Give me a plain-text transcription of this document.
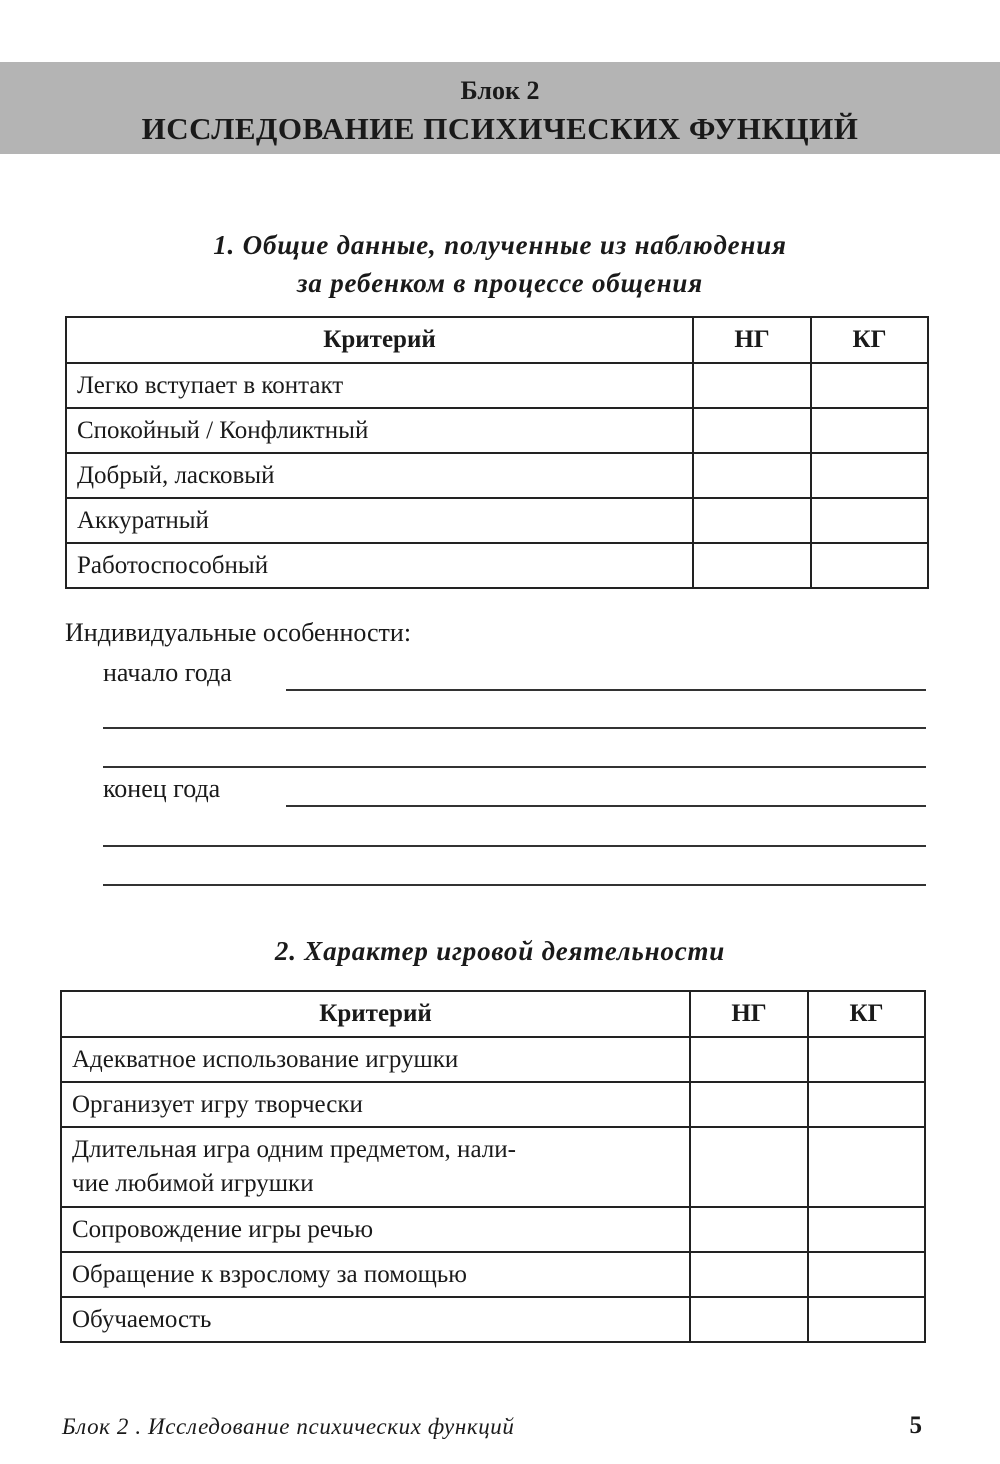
Блок 2
ИССЛЕДОВАНИЕ ПСИХИЧЕСКИХ ФУНКЦИЙ
1. Общие данные, полученные из наблюдения
за ребенком в процессе общения
Критерий	НГ	КГ
Легко вступает в контакт		
Спокойный / Конфликтный		
Добрый, ласковый		
Аккуратный		
Работоспособный		
Индивидуальные особенности:
начало года
конец года
2. Характер игровой деятельности
Критерий	НГ	КГ
Адекватное использование игрушки		
Организует игру творчески		

Длительная игра одним предметом, нали-
чие любимой игрушки		

Сопровождение игры речью		
Обращение к взрослому за помощью		
Обучаемость		
Блок 2 . Исследование психических функций	5
